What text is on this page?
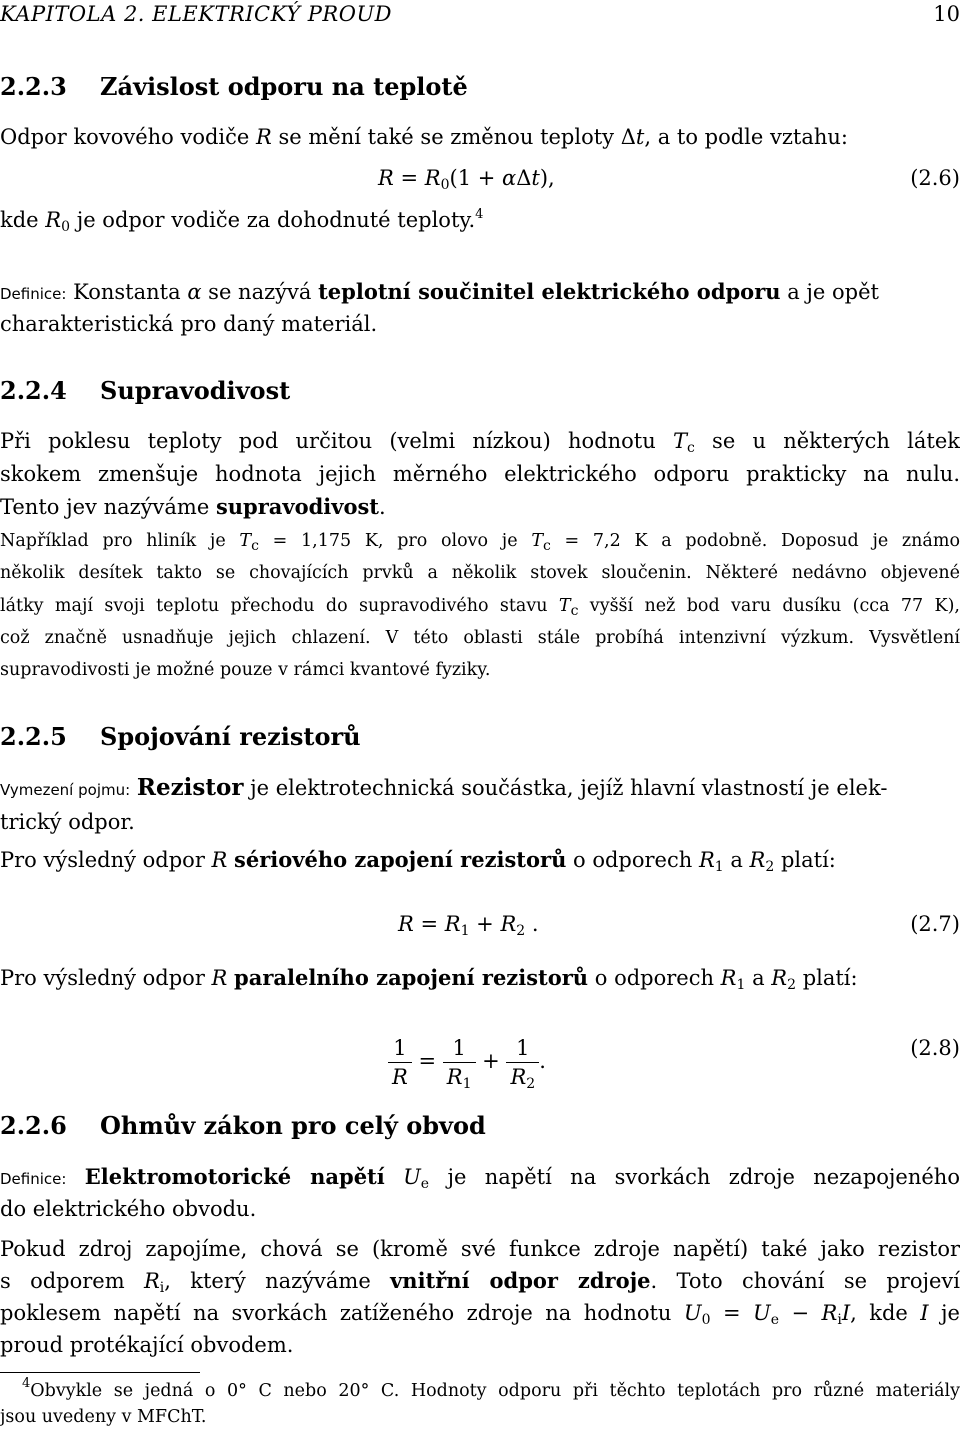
KAPITOLA 2. ELEKTRICKÝ PROUD	10
2.2.3 Závislost odporu na teplotě
Odpor kovového vodiče R se mění také se změnou teploty Δt, a to podle vztahu:
$R = R_0(1 + \alpha\Delta t)$,	(2.6)
kde $R_0$ je odpor vodiče za dohodnuté teploty.$^4$
Definice: Konstanta α se nazývá teplotní součinitel elektrického odporu a je opět
charakteristická pro daný materiál.
2.2.4 Supravodivost
Při poklesu teploty pod určitou (velmi nízkou) hodnotu $T_c$ se u některých látek
skokem zmenšuje hodnota jejich měrného elektrického odporu prakticky na nulu.
Tento jev nazýváme supravodivost.
Například pro hliník je $T_c = 1,175$ K, pro olovo je $T_c = 7,2$ K a podobně. Doposud je známo
několik desítek takto se chovajících prvků a několik stovek sloučenin. Některé nedávno objevené
látky mají svoji teplotu přechodu do supravodivého stavu $T_c$ vyšší než bod varu dusíku (cca 77 K),
což značně usnadňuje jejich chlazení. V této oblasti stále probíhá intenzivní výzkum. Vysvětlení
supravodivosti je možné pouze v rámci kvantové fyziky.
2.2.5 Spojování rezistorů
Vymezení pojmu: Rezistor je elektrotechnická součástka, jejíž hlavní vlastností je elek-
trický odpor.
Pro výsledný odpor R sériového zapojení rezistorů o odporech $R_1$ a $R_2$ platí:
$R = R_1 + R_2$ .	(2.7)
Pro výsledný odpor R paralelního zapojení rezistorů o odporech $R_1$ a $R_2$ platí:
$\frac{1}{R} = \frac{1}{R_1} + \frac{1}{R_2}$ .
(2.8)
2.2.6 Ohmův zákon pro celý obvod
Definice: Elektromotorické napětí $U_e$ je napětí na svorkách zdroje nezapojeného
do elektrického obvodu.
Pokud zdroj zapojíme, chová se (kromě své funkce zdroje napětí) také jako rezistor
s odporem $R_i$, který nazýváme vnitřní odpor zdroje. Toto chování se projeví
poklesem napětí na svorkách zatíženého zdroje na hodnotu $U_0 = U_e - R_iI$, kde I je
proud protékající obvodem.
$^4$Obvykle se jedná o 0° C nebo 20° C. Hodnoty odporu při těchto teplotách pro různé materiály
jsou uvedeny v MFChT.
